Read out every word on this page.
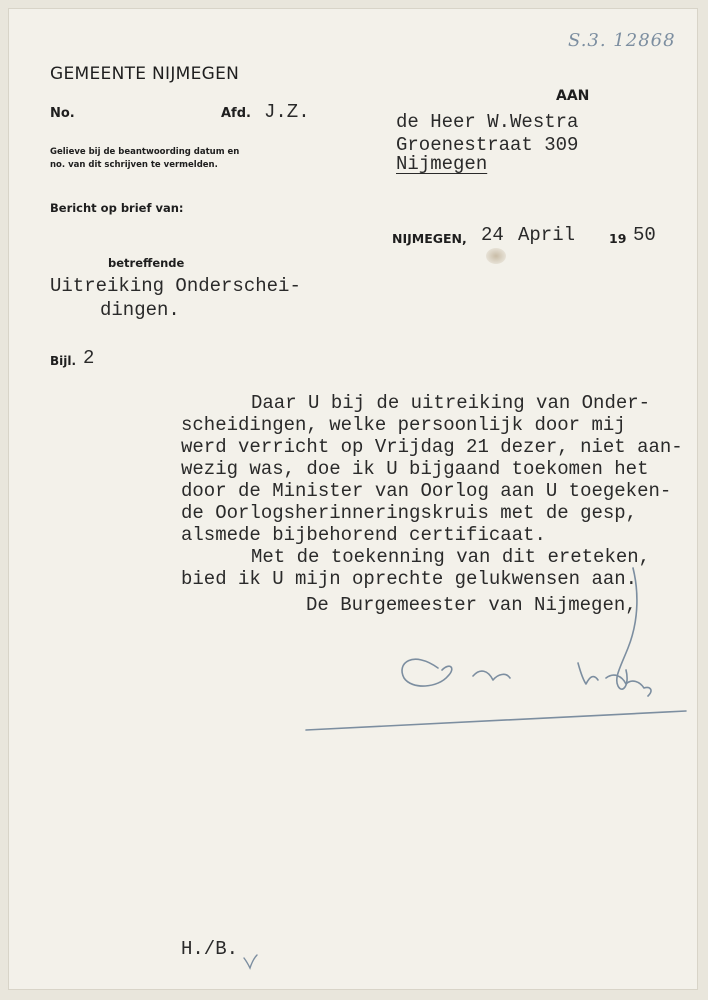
S.3. 12868
GEMEENTE NIJMEGEN
AAN
No.	Afd. J.Z.	de Heer W.Westra
Groenestraat 309
Nijmegen
Gelieve bij de beantwoording datum en
no. van dit schrijven te vermelden.
Bericht op brief van:
NIJMEGEN, 24 April	19 50
betreffende
Uitreiking Onderschei-
dingen.
Bijl. 2
Daar U bij de uitreiking van Onder-
scheidingen, welke persoonlijk door mij
werd verricht op Vrijdag 21 dezer, niet aan-
wezig was, doe ik U bijgaand toekomen het
door de Minister van Oorlog aan U toegeken-
de Oorlogsherinneringskruis met de gesp,
alsmede bijbehorend certificaat.
Met de toekenning van dit ereteken,
bied ik U mijn oprechte gelukwensen aan.
De Burgemeester van Nijmegen,
H./B.
